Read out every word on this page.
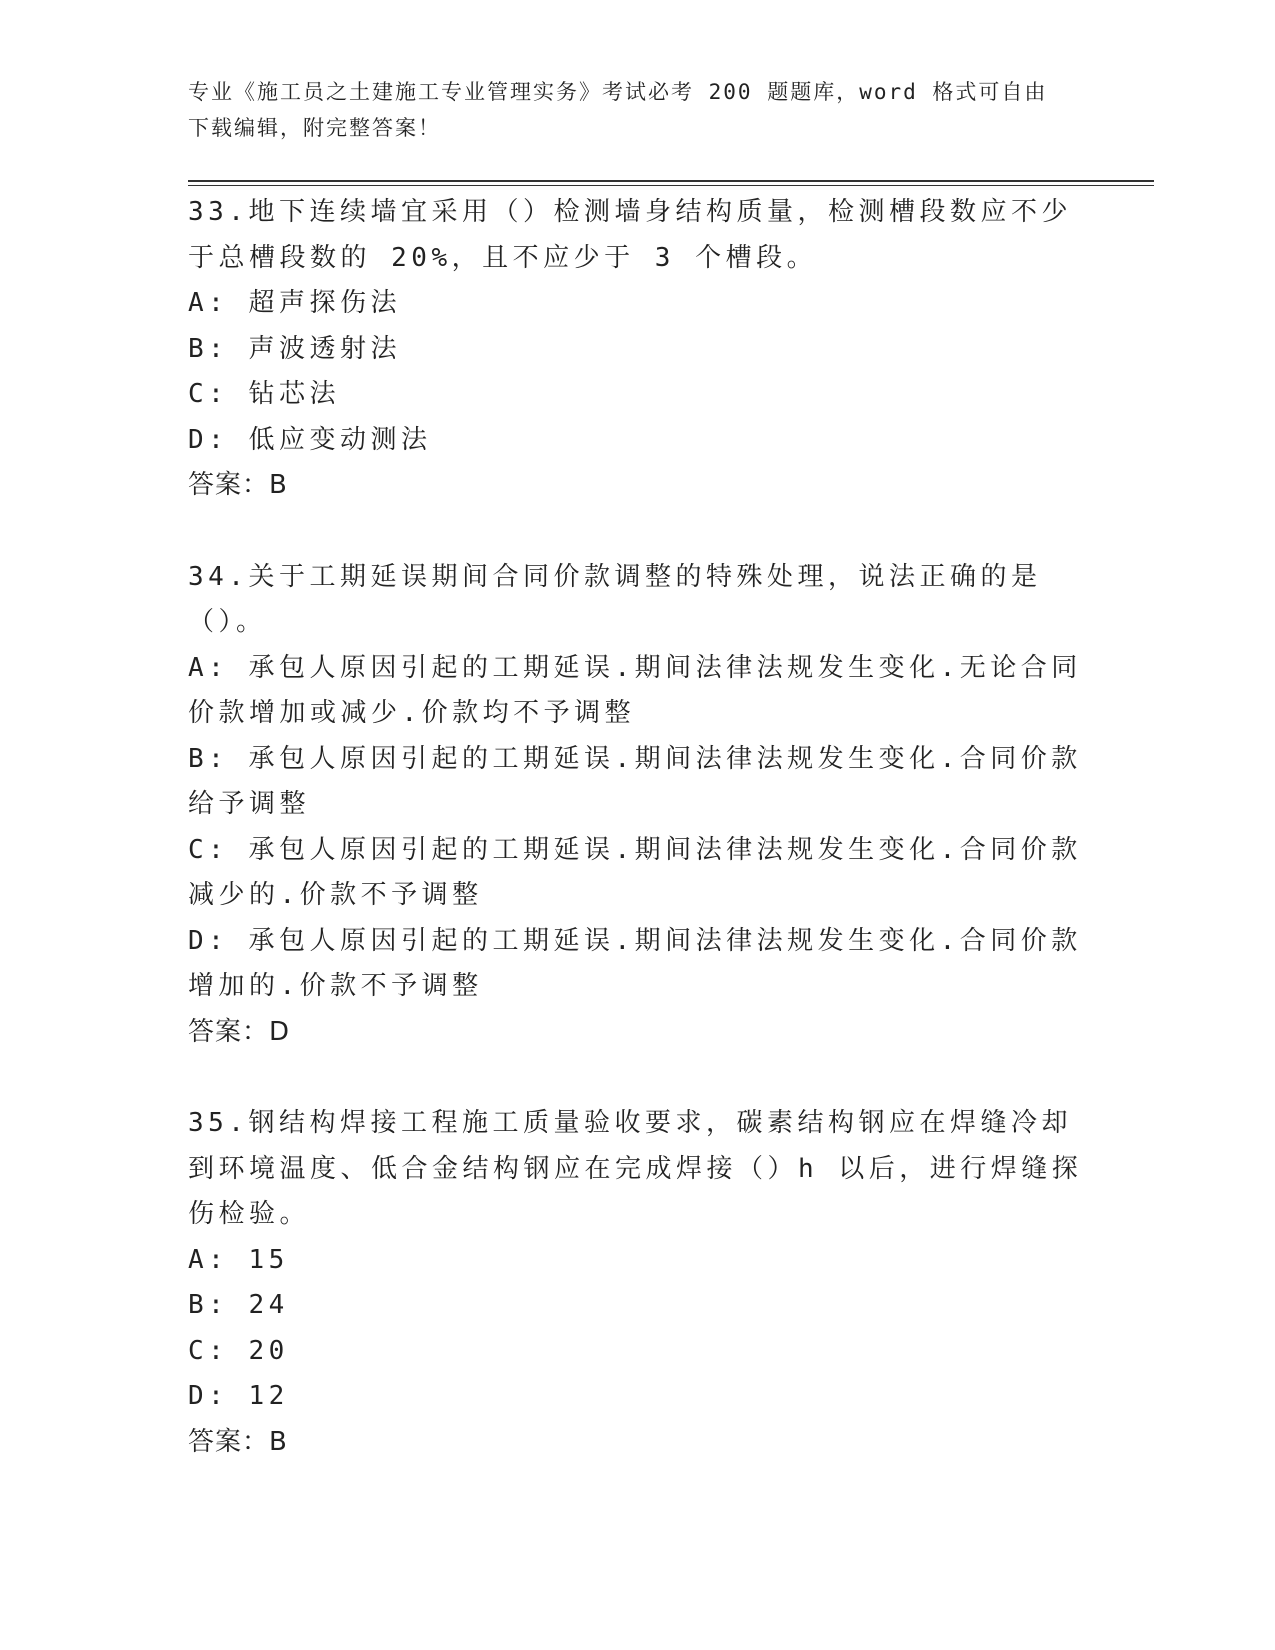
专业《施工员之土建施工专业管理实务》考试必考 200 题题库，word 格式可自由下载编辑，附完整答案！

33.地下连续墙宜采用（）检测墙身结构质量，检测槽段数应不少于总槽段数的 20%，且不应少于 3 个槽段。

A: 超声探伤法

B: 声波透射法

C: 钻芯法

D: 低应变动测法

答案：B

34.关于工期延误期间合同价款调整的特殊处理，说法正确的是（）。

A: 承包人原因引起的工期延误.期间法律法规发生变化.无论合同价款增加或减少.价款均不予调整

B: 承包人原因引起的工期延误.期间法律法规发生变化.合同价款给予调整

C: 承包人原因引起的工期延误.期间法律法规发生变化.合同价款减少的.价款不予调整

D: 承包人原因引起的工期延误.期间法律法规发生变化.合同价款增加的.价款不予调整

答案：D

35.钢结构焊接工程施工质量验收要求，碳素结构钢应在焊缝冷却到环境温度、低合金结构钢应在完成焊接（）h 以后，进行焊缝探伤检验。

A: 15

B: 24

C: 20

D: 12

答案：B
